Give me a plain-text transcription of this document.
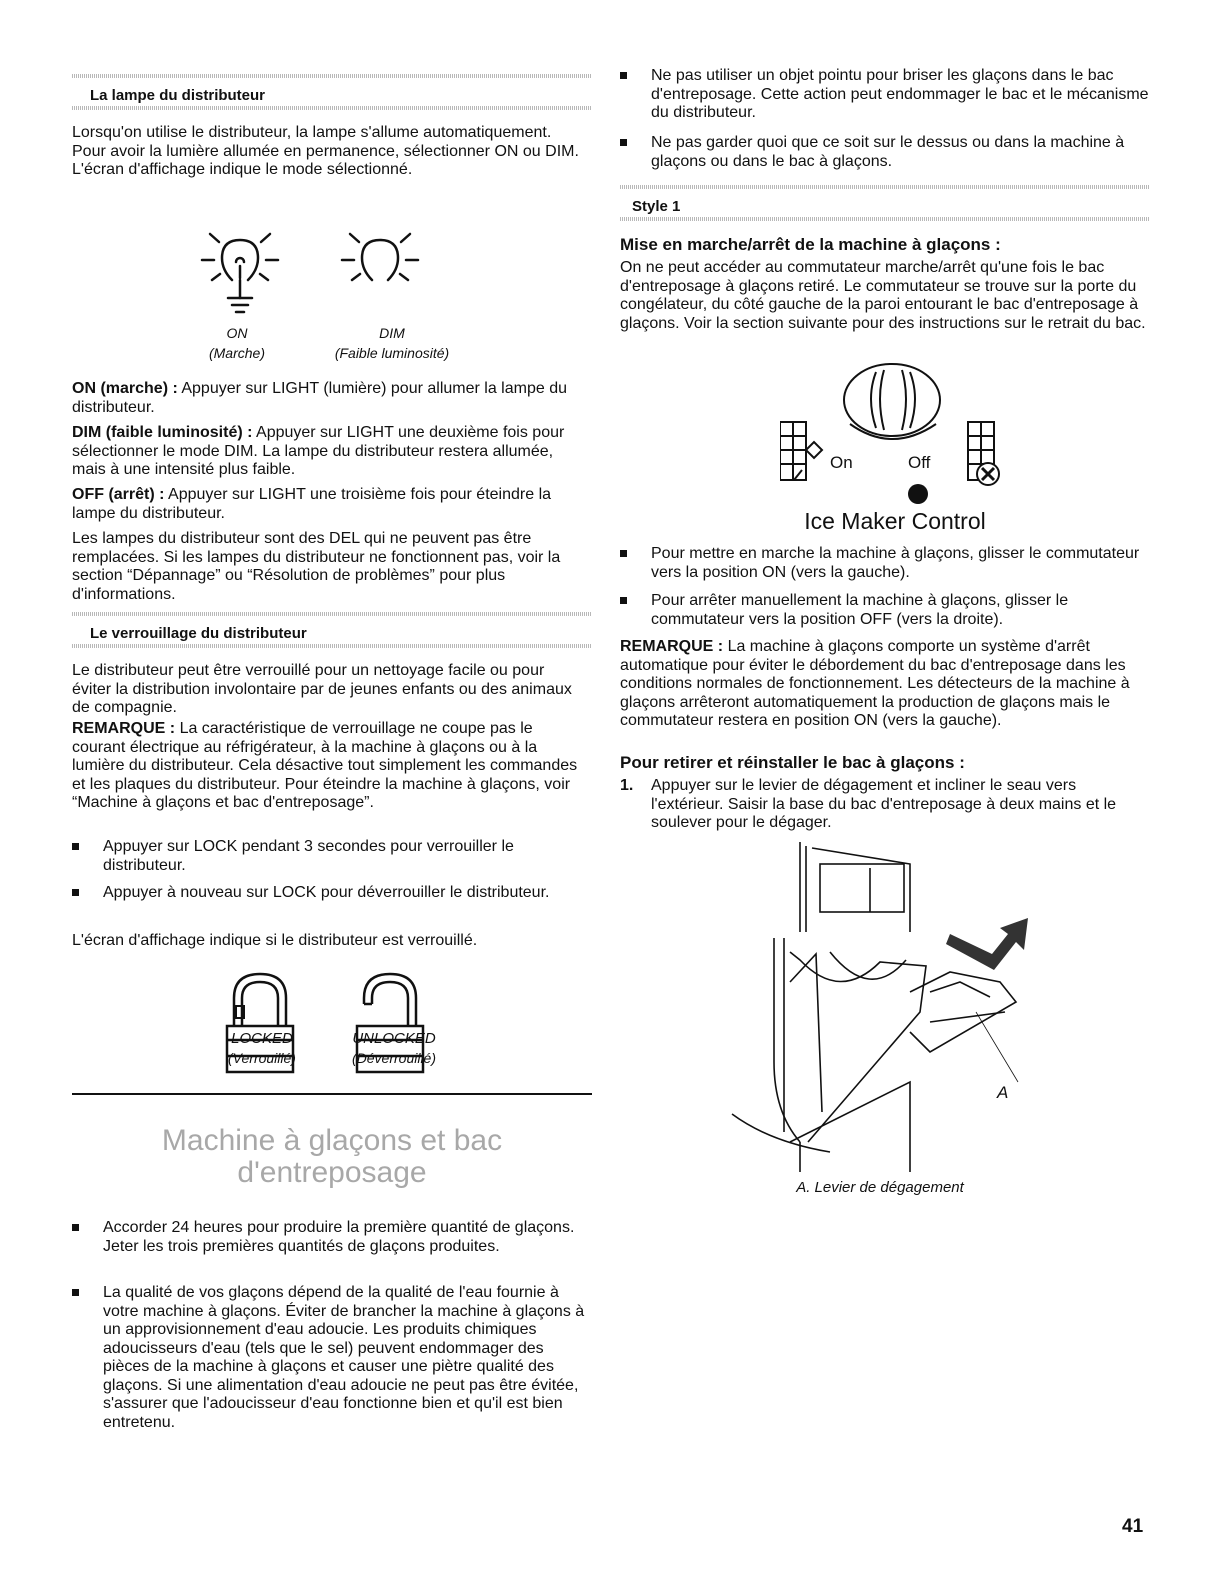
La lampe du distributeur

Lorsqu'on utilise le distributeur, la lampe s'allume automatiquement. Pour avoir la lumière allumée en permanence, sélectionner ON ou DIM. L'écran d'affichage indique le mode sélectionné.

ON
(Marche)
DIM
(Faible luminosité)

ON (marche) : Appuyer sur LIGHT (lumière) pour allumer la lampe du distributeur.

DIM (faible luminosité) : Appuyer sur LIGHT une deuxième fois pour sélectionner le mode DIM. La lampe du distributeur restera allumée, mais à une intensité plus faible.

OFF (arrêt) : Appuyer sur LIGHT une troisième fois pour éteindre la lampe du distributeur.

Les lampes du distributeur sont des DEL qui ne peuvent pas être remplacées. Si les lampes du distributeur ne fonctionnent pas, voir la section “Dépannage” ou “Résolution de problèmes” pour plus d'informations.

Le verrouillage du distributeur

Le distributeur peut être verrouillé pour un nettoyage facile ou pour éviter la distribution involontaire par de jeunes enfants ou des animaux de compagnie.

REMARQUE : La caractéristique de verrouillage ne coupe pas le courant électrique au réfrigérateur, à la machine à glaçons ou à la lumière du distributeur. Cela désactive tout simplement les commandes et les plaques du distributeur. Pour éteindre la machine à glaçons, voir “Machine à glaçons et bac d'entreposage”.

Appuyer sur LOCK pendant 3 secondes pour verrouiller le distributeur.
Appuyer à nouveau sur LOCK pour déverrouiller le distributeur.

L'écran d'affichage indique si le distributeur est verrouillé.

LOCKED
(Verrouillé)
UNLOCKED
(Déverrouillé)
Machine à glaçons et bac
d'entreposage
Accorder 24 heures pour produire la première quantité de glaçons. Jeter les trois premières quantités de glaçons produites.
La qualité de vos glaçons dépend de la qualité de l'eau fournie à votre machine à glaçons. Éviter de brancher la machine à glaçons à un approvisionnement d'eau adoucie. Les produits chimiques adoucisseurs d'eau (tels que le sel) peuvent endommager des pièces de la machine à glaçons et causer une piètre qualité des glaçons. Si une alimentation d'eau adoucie ne peut pas être évitée, s'assurer que l'adoucisseur d'eau fonctionne bien et qu'il est bien entretenu.
Ne pas utiliser un objet pointu pour briser les glaçons dans le bac d'entreposage. Cette action peut endommager le bac et le mécanisme du distributeur.
Ne pas garder quoi que ce soit sur le dessus ou dans la machine à glaçons ou dans le bac à glaçons.
Style 1
Mise en marche/arrêt de la machine à glaçons :

On ne peut accéder au commutateur marche/arrêt qu'une fois le bac d'entreposage à glaçons retiré. Le commutateur se trouve sur la porte du congélateur, du côté gauche de la paroi entourant le bac d'entreposage à glaçons. Voir la section suivante pour des instructions sur le retrait du bac.

On	Off
Ice Maker Control
Pour mettre en marche la machine à glaçons, glisser le commutateur vers la position ON (vers la gauche).
Pour arrêter manuellement la machine à glaçons, glisser le commutateur vers la position OFF (vers la droite).

REMARQUE : La machine à glaçons comporte un système d'arrêt automatique pour éviter le débordement du bac d'entreposage dans les conditions normales de fonctionnement. Les détecteurs de la machine à glaçons arrêteront automatiquement la production de glaçons mais le commutateur restera en position ON (vers la gauche).

Pour retirer et réinstaller le bac à glaçons :
1. Appuyer sur le levier de dégagement et incliner le seau vers l'extérieur. Saisir la base du bac d'entreposage à deux mains et le soulever pour le dégager.
A
A. Levier de dégagement
41
